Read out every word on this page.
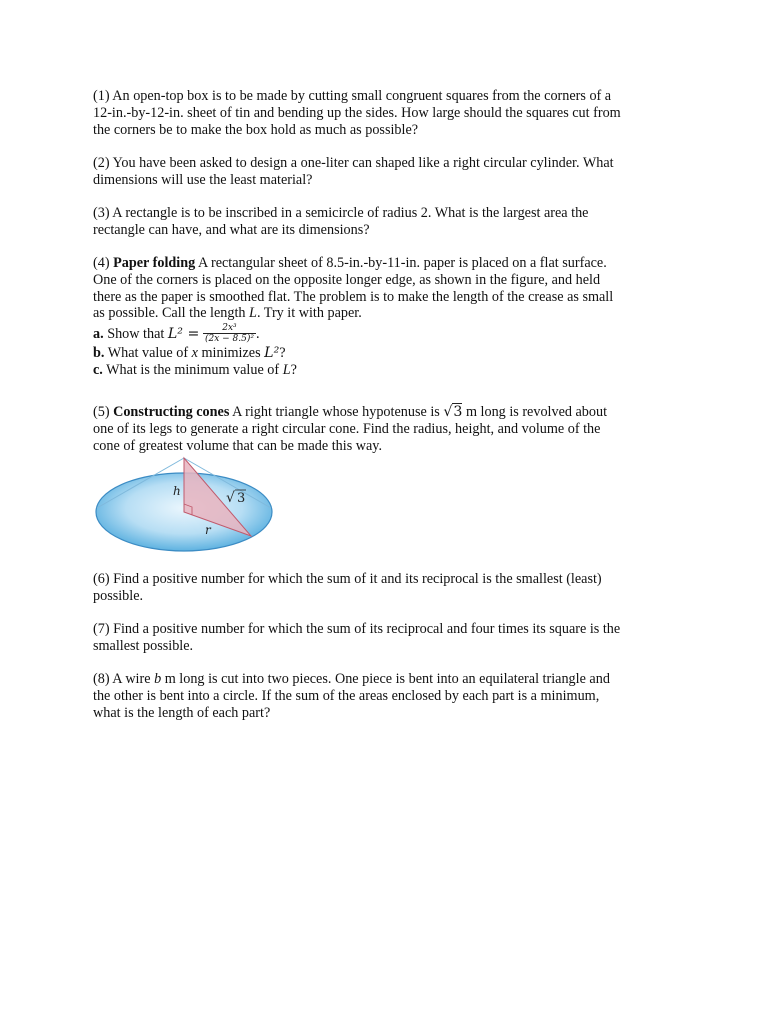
(1) An open-top box is to be made by cutting small congruent squares from the corners of a
12-in.-by-12-in. sheet of tin and bending up the sides. How large should the squares cut from
the corners be to make the box hold as much as possible?
(2) You have been asked to design a one-liter can shaped like a right circular cylinder. What
dimensions will use the least material?
(3) A rectangle is to be inscribed in a semicircle of radius 2. What is the largest area the
rectangle can have, and what are its dimensions?
(4) Paper folding A rectangular sheet of 8.5-in.-by-11-in. paper is placed on a flat surface.
One of the corners is placed on the opposite longer edge, as shown in the figure, and held
there as the paper is smoothed flat. The problem is to make the length of the crease as small
as possible. Call the length L. Try it with paper.
a. Show that $L^2 = \frac{\text{2x³}}{\text{(2x − 8.5)²}}$ .
b. What value of x minimizes L²?
c. What is the minimum value of L?
(5) Constructing cones A right triangle whose hypotenuse is √3 m long is revolved about
one of its legs to generate a right circular cone. Find the radius, height, and volume of the
cone of greatest volume that can be made this way.
h
r
√ 3
(6) Find a positive number for which the sum of it and its reciprocal is the smallest (least)
possible.
(7) Find a positive number for which the sum of its reciprocal and four times its square is the
smallest possible.
(8) A wire b m long is cut into two pieces. One piece is bent into an equilateral triangle and
the other is bent into a circle. If the sum of the areas enclosed by each part is a minimum,
what is the length of each part?
